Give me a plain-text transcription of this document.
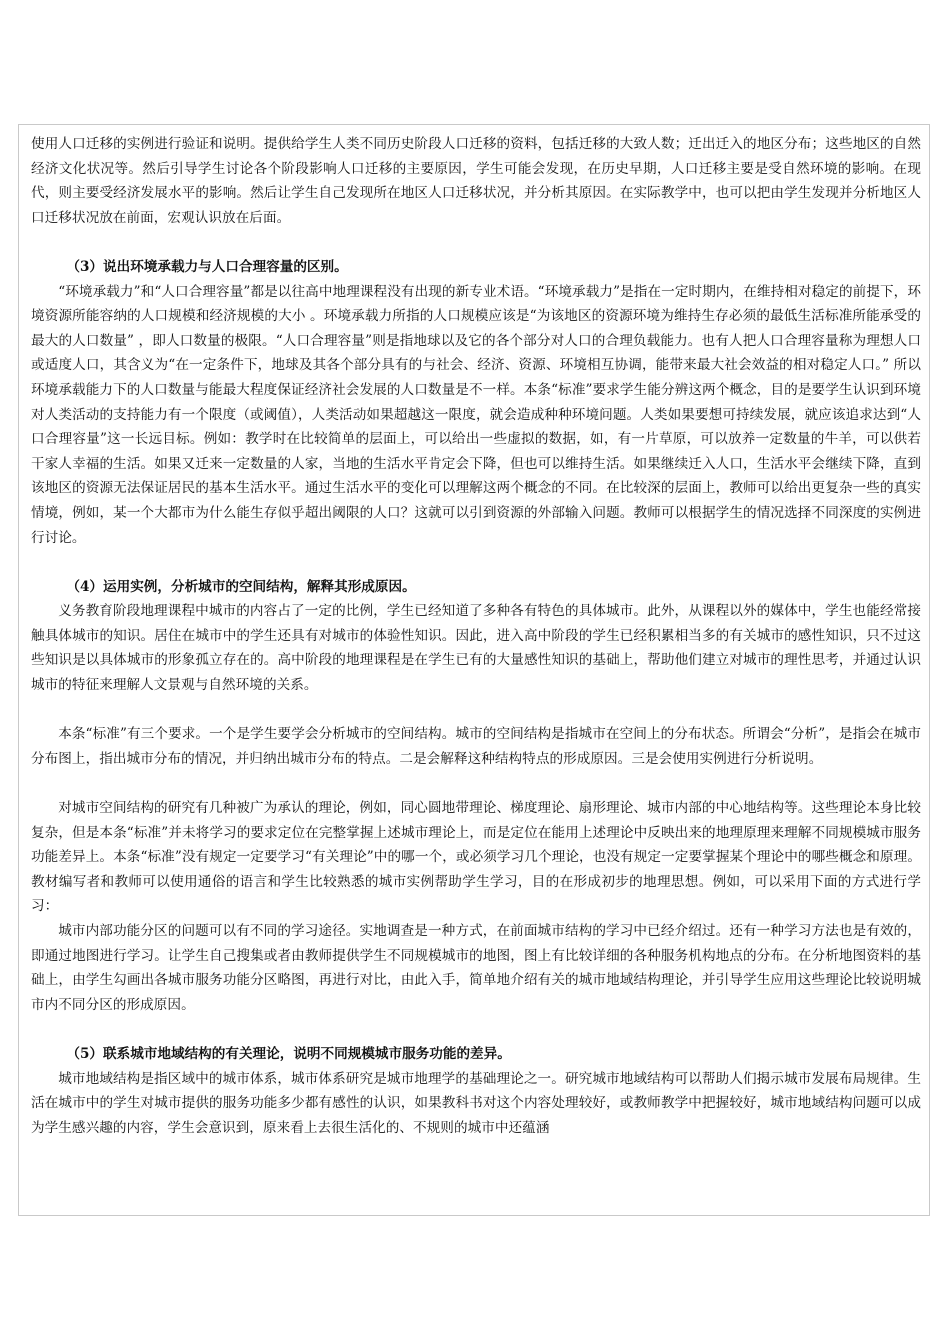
使用人口迁移的实例进行验证和说明。提供给学生人类不同历史阶段人口迁移的资料，包括迁移的大致人数；迁出迁入的地区分布；这些地区的自然经济文化状况等。然后引导学生讨论各个阶段影响人口迁移的主要原因，学生可能会发现，在历史早期，人口迁移主要是受自然环境的影响。在现代，则主要受经济发展水平的影响。然后让学生自己发现所在地区人口迁移状况，并分析其原因。在实际教学中，也可以把由学生发现并分析地区人口迁移状况放在前面，宏观认识放在后面。

（3）说出环境承载力与人口合理容量的区别。

“环境承载力”和“人口合理容量”都是以往高中地理课程没有出现的新专业术语。“环境承载力”是指在一定时期内，在维持相对稳定的前提下，环境资源所能容纳的人口规模和经济规模的大小 。环境承载力所指的人口规模应该是“为该地区的资源环境为维持生存必须的最低生活标准所能承受的最大的人口数量” ，即人口数量的极限。“人口合理容量”则是指地球以及它的各个部分对人口的合理负载能力。也有人把人口合理容量称为理想人口或适度人口，其含义为“在一定条件下，地球及其各个部分具有的与社会、经济、资源、环境相互协调，能带来最大社会效益的相对稳定人口。” 所以环境承载能力下的人口数量与能最大程度保证经济社会发展的人口数量是不一样。本条“标准”要求学生能分辨这两个概念，目的是要学生认识到环境对人类活动的支持能力有一个限度（或阈值），人类活动如果超越这一限度，就会造成种种环境问题。人类如果要想可持续发展，就应该追求达到“人口合理容量”这一长远目标。例如：教学时在比较简单的层面上，可以给出一些虚拟的数据，如，有一片草原，可以放养一定数量的牛羊，可以供若干家人幸福的生活。如果又迁来一定数量的人家，当地的生活水平肯定会下降，但也可以维持生活。如果继续迁入人口，生活水平会继续下降，直到该地区的资源无法保证居民的基本生活水平。通过生活水平的变化可以理解这两个概念的不同。在比较深的层面上，教师可以给出更复杂一些的真实情境，例如，某一个大都市为什么能生存似乎超出阈限的人口？这就可以引到资源的外部输入问题。教师可以根据学生的情况选择不同深度的实例进行讨论。

（4）运用实例，分析城市的空间结构，解释其形成原因。

义务教育阶段地理课程中城市的内容占了一定的比例，学生已经知道了多种各有特色的具体城市。此外，从课程以外的媒体中，学生也能经常接触具体城市的知识。居住在城市中的学生还具有对城市的体验性知识。因此，进入高中阶段的学生已经积累相当多的有关城市的感性知识，只不过这些知识是以具体城市的形象孤立存在的。高中阶段的地理课程是在学生已有的大量感性知识的基础上，帮助他们建立对城市的理性思考，并通过认识城市的特征来理解人文景观与自然环境的关系。

本条“标准”有三个要求。一个是学生要学会分析城市的空间结构。城市的空间结构是指城市在空间上的分布状态。所谓会“分析”，是指会在城市分布图上，指出城市分布的情况，并归纳出城市分布的特点。二是会解释这种结构特点的形成原因。三是会使用实例进行分析说明。

对城市空间结构的研究有几种被广为承认的理论，例如，同心圆地带理论、梯度理论、扇形理论、城市内部的中心地结构等。这些理论本身比较复杂，但是本条“标准”并未将学习的要求定位在完整掌握上述城市理论上，而是定位在能用上述理论中反映出来的地理原理来理解不同规模城市服务功能差异上。本条“标准”没有规定一定要学习“有关理论”中的哪一个，或必须学习几个理论，也没有规定一定要掌握某个理论中的哪些概念和原理。教材编写者和教师可以使用通俗的语言和学生比较熟悉的城市实例帮助学生学习，目的在形成初步的地理思想。例如，可以采用下面的方式进行学习：

城市内部功能分区的问题可以有不同的学习途径。实地调查是一种方式，在前面城市结构的学习中已经介绍过。还有一种学习方法也是有效的，即通过地图进行学习。让学生自己搜集或者由教师提供学生不同规模城市的地图，图上有比较详细的各种服务机构地点的分布。在分析地图资料的基础上，由学生勾画出各城市服务功能分区略图，再进行对比，由此入手，简单地介绍有关的城市地域结构理论，并引导学生应用这些理论比较说明城市内不同分区的形成原因。

（5）联系城市地域结构的有关理论，说明不同规模城市服务功能的差异。

城市地域结构是指区域中的城市体系，城市体系研究是城市地理学的基础理论之一。研究城市地域结构可以帮助人们揭示城市发展布局规律。生活在城市中的学生对城市提供的服务功能多少都有感性的认识，如果教科书对这个内容处理较好，或教师教学中把握较好，城市地域结构问题可以成为学生感兴趣的内容，学生会意识到，原来看上去很生活化的、不规则的城市中还蕴涵
